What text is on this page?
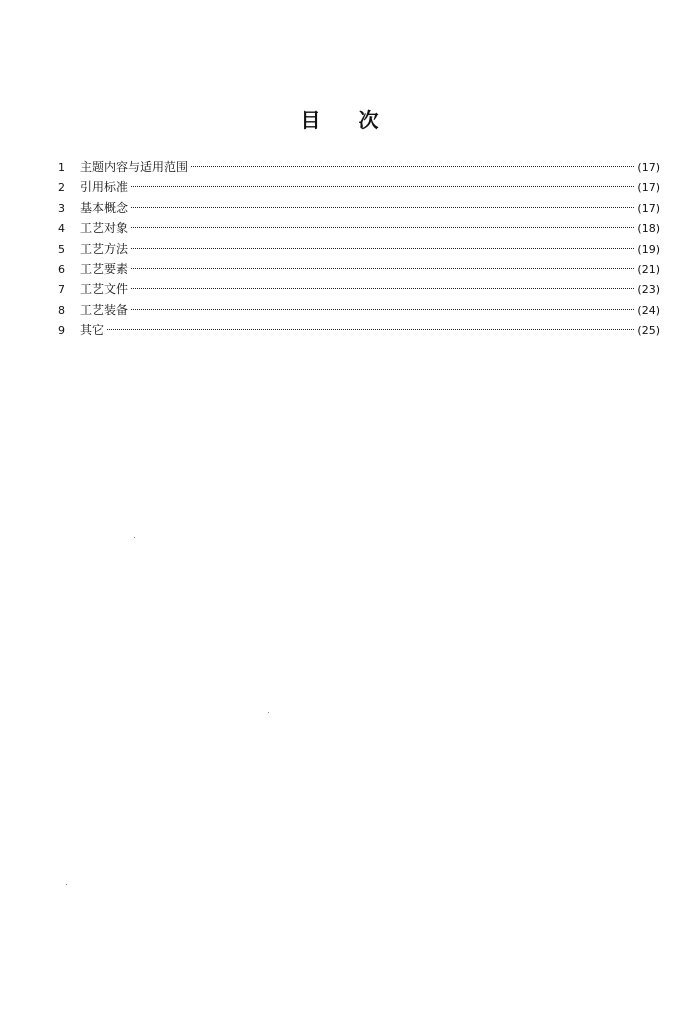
目次
1	主题内容与适用范围	(17)
2	引用标准	(17)
3	基本概念	(17)
4	工艺对象	(18)
5	工艺方法	(19)
6	工艺要素	(21)
7	工艺文件	(23)
8	工艺装备	(24)
9	其它	(25)
